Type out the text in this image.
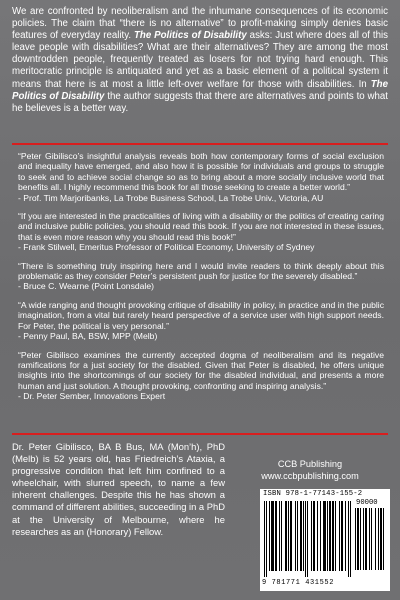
We are confronted by neoliberalism and the inhumane consequences of its economic policies. The claim that “there is no alternative” to profit-making simply denies basic features of everyday reality. The Politics of Disability asks: Just where does all of this leave people with disabilities? What are their alternatives? They are among the most downtrodden people, frequently treated as losers for not trying hard enough. This meritocratic principle is antiquated and yet as a basic element of a political system it means that here is at most a little left-over welfare for those with disabilities. In The Politics of Disability the author suggests that there are alternatives and points to what he believes is a better way.
“Peter Gibilisco’s insightful analysis reveals both how contemporary forms of social exclusion and inequality have emerged, and also how it is possible for individuals and groups to struggle to seek and to achieve social change so as to bring about a more socially inclusive world that benefits all. I highly recommend this book for all those seeking to create a better world.”
- Prof. Tim Marjoribanks, La Trobe Business School, La Trobe Univ., Victoria, AU
“If you are interested in the practicalities of living with a disability or the politics of creating caring and inclusive public policies, you should read this book. If you are not interested in these issues, that is even more reason why you should read this book!”
- Frank Stilwell, Emeritus Professor of Political Economy, University of Sydney
“There is something truly inspiring here and I would invite readers to think deeply about this problematic as they consider Peter’s persistent push for justice for the severely disabled.”
- Bruce C. Wearne (Point Lonsdale)
“A wide ranging and thought provoking critique of disability in policy, in practice and in the public imagination, from a vital but rarely heard perspective of a service user with high support needs. For Peter, the political is very personal.”
- Penny Paul, BA, BSW, MPP (Melb)
“Peter Gibilisco examines the currently accepted dogma of neoliberalism and its negative ramifications for a just society for the disabled. Given that Peter is disabled, he offers unique insights into the shortcomings of our society for the disabled individual, and presents a more human and just solution. A thought provoking, confronting and inspiring analysis.”
- Dr. Peter Sember, Innovations Expert
Dr. Peter Gibilisco, BA B Bus, MA (Mon’h), PhD (Melb) is 52 years old, has Friedreich’s Ataxia, a progressive condition that left him confined to a wheelchair, with slurred speech, to name a few inherent challenges. Despite this he has shown a command of different abilities, succeeding in a PhD at the University of Melbourne, where he researches as an (Honorary) Fellow.
CCB Publishing
www.ccbpublishing.com
ISBN 978-1-77143-155-2
90000
9 781771 431552
